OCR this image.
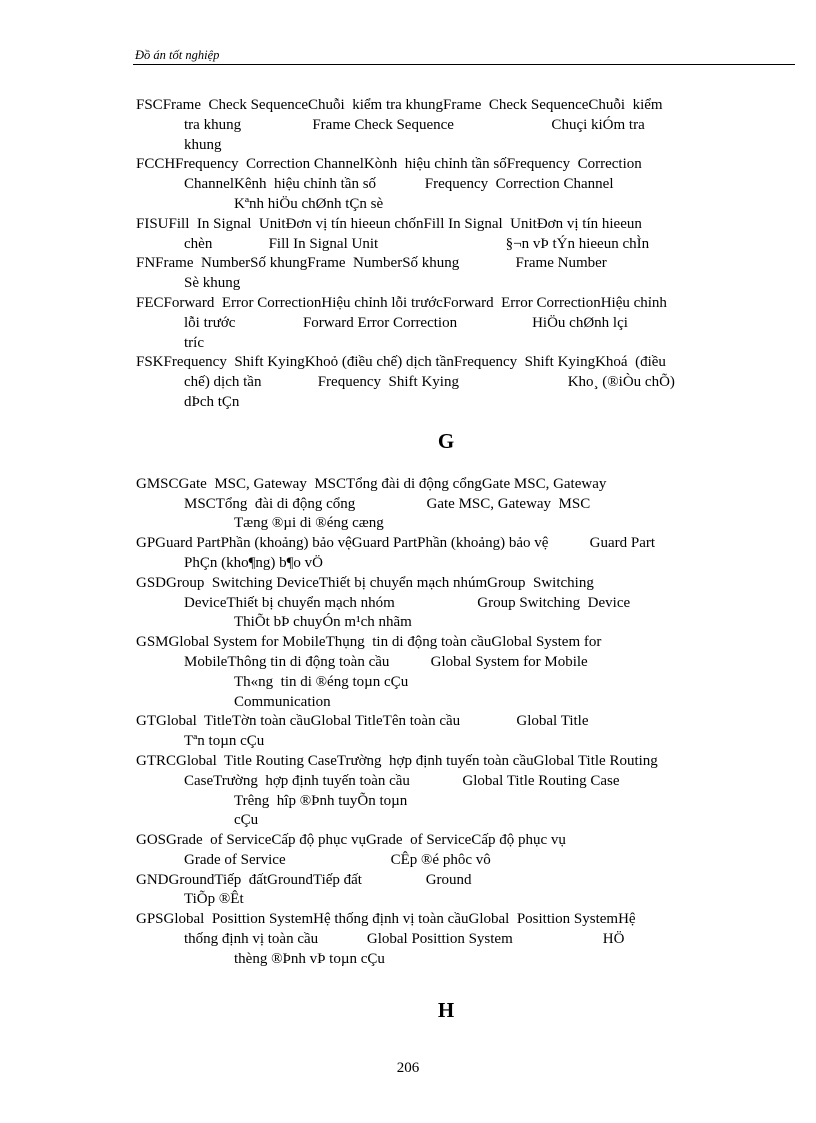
Đồ án tốt nghiệp
FSCFrame  Check SequenceChuỗi  kiểm tra khungFrame  Check SequenceChuỗi  kiểm
tra khung                   Frame Check Sequence                          Chuçi kiÓm tra
khung
FCCHFrequency  Correction ChannelKònh  hiệu chỉnh tần sốFrequency  Correction
ChannelKênh  hiệu chỉnh tần số             Frequency  Correction Channel
Kªnh hiÖu chØnh tÇn sè
FISUFill  In Signal  UnitĐơn vị tín hieeun chốnFill In Signal  UnitĐơn vị tín hieeun
chèn               Fill In Signal Unit                                  §¬n vÞ tÝn hieeun chÌn
FNFrame  NumberSố khungFrame  NumberSố khung               Frame Number
Sè khung
FECForward  Error CorrectionHiệu chỉnh lỗi trướcForward  Error CorrectionHiệu chỉnh
lỗi trước                  Forward Error Correction                    HiÖu chØnh lçi
tríc
FSKFrequency  Shift KyingKhoỏ (điều chế) dịch tầnFrequency  Shift KyingKhoá  (điều
chế) dịch tần               Frequency  Shift Kying                             Kho¸ (®iÒu chÕ)
dÞch tÇn
G
GMSCGate  MSC, Gateway  MSCTổng đài di động cổngGate MSC, Gateway
MSCTổng  đài di động cổng                   Gate MSC, Gateway  MSC
Tæng ®µi di ®éng cæng
GPGuard PartPhần (khoảng) bảo vệGuard PartPhần (khoảng) bảo vệ           Guard Part
PhÇn (kho¶ng) b¶o vÖ
GSDGroup  Switching DeviceThiết bị chuyển mạch nhúmGroup  Switching
DeviceThiết bị chuyển mạch nhóm                      Group Switching  Device
ThiÕt bÞ chuyÓn m¹ch nhãm
GSMGlobal System for MobileThụng  tin di động toàn cầuGlobal System for
MobileThông tin di động toàn cầu           Global System for Mobile
Th«ng  tin di ®éng toµn cÇu
Communication
GTGlobal  TitleTờn toàn cầuGlobal TitleTên toàn cầu               Global Title
Tªn toµn cÇu
GTRCGlobal  Title Routing CaseTrường  hợp định tuyến toàn cầuGlobal Title Routing
CaseTrường  hợp định tuyến toàn cầu              Global Title Routing Case
Trêng  hîp ®Þnh tuyÕn toµn
cÇu
GOSGrade  of ServiceCấp độ phục vụGrade  of ServiceCấp độ phục vụ
Grade of Service                            CÊp ®é phôc vô
GNDGroundTiếp  đấtGroundTiếp đất                 Ground
TiÕp ®Êt
GPSGlobal  Posittion SystemHệ thống định vị toàn cầuGlobal  Posittion SystemHệ
thống định vị toàn cầu             Global Posittion System                        HÖ
thèng ®Þnh vÞ toµn cÇu
H
206
